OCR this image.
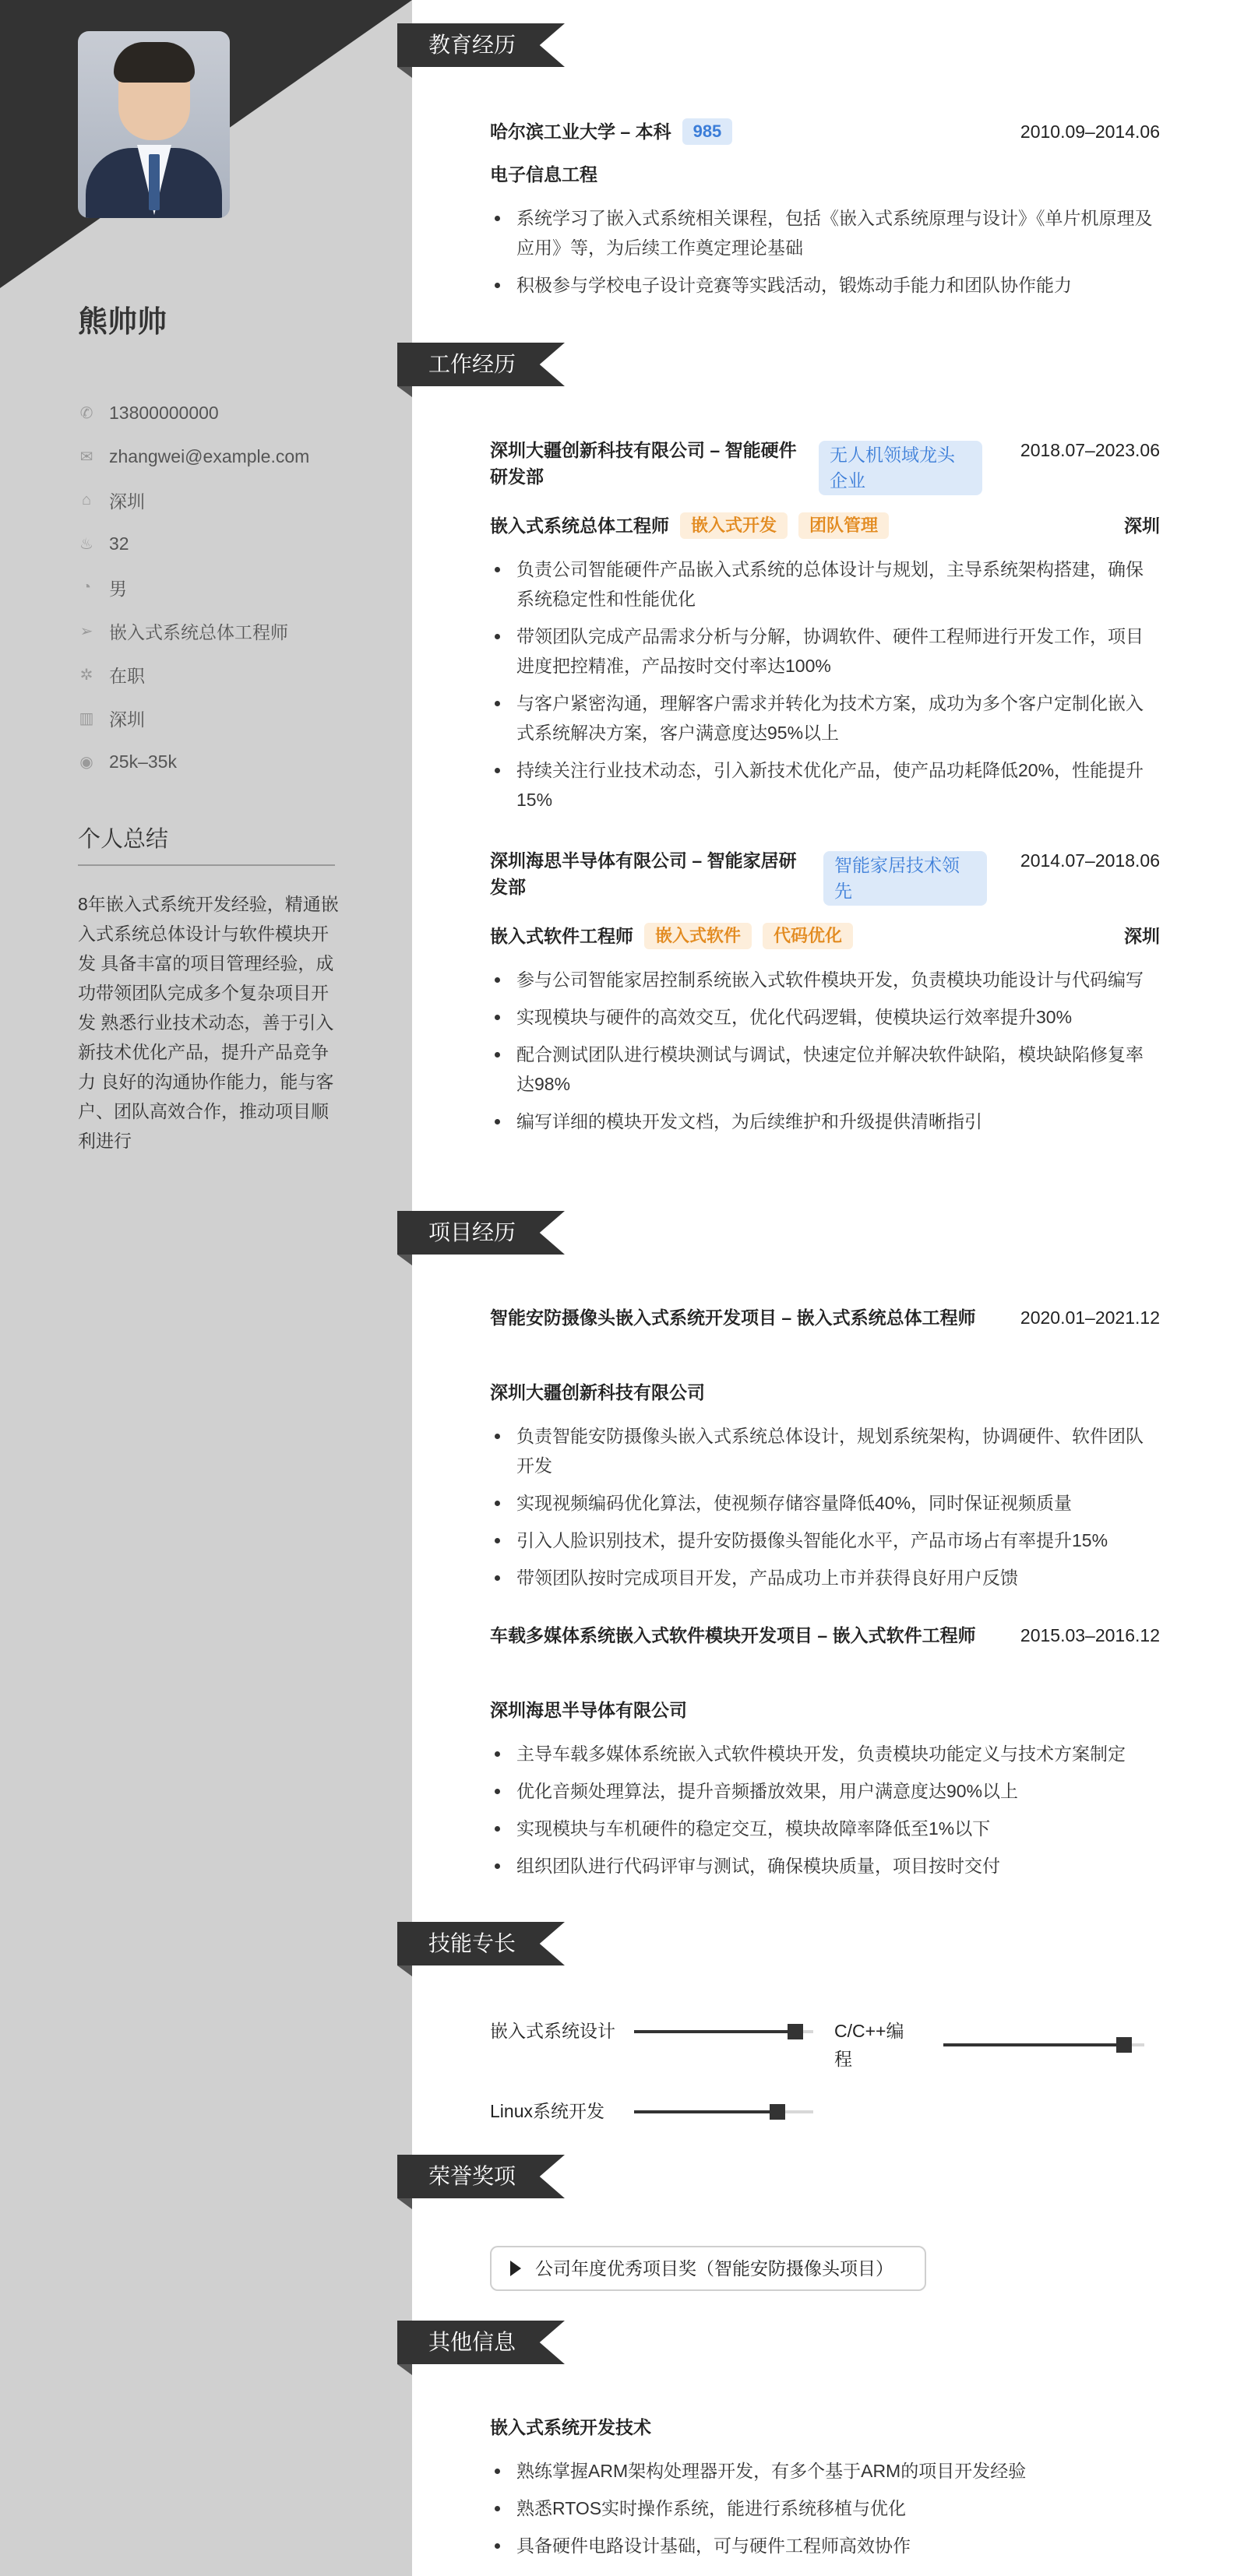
熊帅帅
✆ 13800000000
✉ zhangwei@example.com
⌂ 深圳
♨ 32
◔ 男
➢ 嵌入式系统总体工程师
✲ 在职
▥ 深圳
◉ 25k–35k
个人总结
8年嵌入式系统开发经验，精通嵌入式系统总体设计与软件模块开发 具备丰富的项目管理经验，成功带领团队完成多个复杂项目开发 熟悉行业技术动态，善于引入新技术优化产品，提升产品竞争力 良好的沟通协作能力，能与客户、团队高效合作，推动项目顺利进行
教育经历
哈尔滨工业大学 – 本科 985	2010.09–2014.06
电子信息工程
系统学习了嵌入式系统相关课程，包括《嵌入式系统原理与设计》《单片机原理及应用》等，为后续工作奠定理论基础
积极参与学校电子设计竞赛等实践活动，锻炼动手能力和团队协作能力
工作经历
深圳大疆创新科技有限公司 – 智能硬件研发部
无人机领域龙头企业
2018.07–2023.06
嵌入式系统总体工程师 嵌入式开发 团队管理	深圳
负责公司智能硬件产品嵌入式系统的总体设计与规划，主导系统架构搭建，确保系统稳定性和性能优化
带领团队完成产品需求分析与分解，协调软件、硬件工程师进行开发工作，项目进度把控精准，产品按时交付率达100%
与客户紧密沟通，理解客户需求并转化为技术方案，成功为多个客户定制化嵌入式系统解决方案，客户满意度达95%以上
持续关注行业技术动态，引入新技术优化产品，使产品功耗降低20%，性能提升15%
深圳海思半导体有限公司 – 智能家居研发部
智能家居技术领先
2014.07–2018.06
嵌入式软件工程师 嵌入式软件 代码优化	深圳
参与公司智能家居控制系统嵌入式软件模块开发，负责模块功能设计与代码编写
实现模块与硬件的高效交互，优化代码逻辑，使模块运行效率提升30%
配合测试团队进行模块测试与调试，快速定位并解决软件缺陷，模块缺陷修复率达98%
编写详细的模块开发文档，为后续维护和升级提供清晰指引
项目经历
智能安防摄像头嵌入式系统开发项目 – 嵌入式系统总体工程师	2020.01–2021.12
深圳大疆创新科技有限公司
负责智能安防摄像头嵌入式系统总体设计，规划系统架构，协调硬件、软件团队开发
实现视频编码优化算法，使视频存储容量降低40%，同时保证视频质量
引入人脸识别技术，提升安防摄像头智能化水平，产品市场占有率提升15%
带领团队按时完成项目开发，产品成功上市并获得良好用户反馈
车载多媒体系统嵌入式软件模块开发项目 – 嵌入式软件工程师	2015.03–2016.12
深圳海思半导体有限公司
主导车载多媒体系统嵌入式软件模块开发，负责模块功能定义与技术方案制定
优化音频处理算法，提升音频播放效果，用户满意度达90%以上
实现模块与车机硬件的稳定交互，模块故障率降低至1%以下
组织团队进行代码评审与测试，确保模块质量，项目按时交付
技能专长
嵌入式系统设计	C/C++编程
Linux系统开发
荣誉奖项
公司年度优秀项目奖（智能安防摄像头项目）
其他信息
嵌入式系统开发技术
熟练掌握ARM架构处理器开发，有多个基于ARM的项目开发经验
熟悉RTOS实时操作系统，能进行系统移植与优化
具备硬件电路设计基础，可与硬件工程师高效协作
